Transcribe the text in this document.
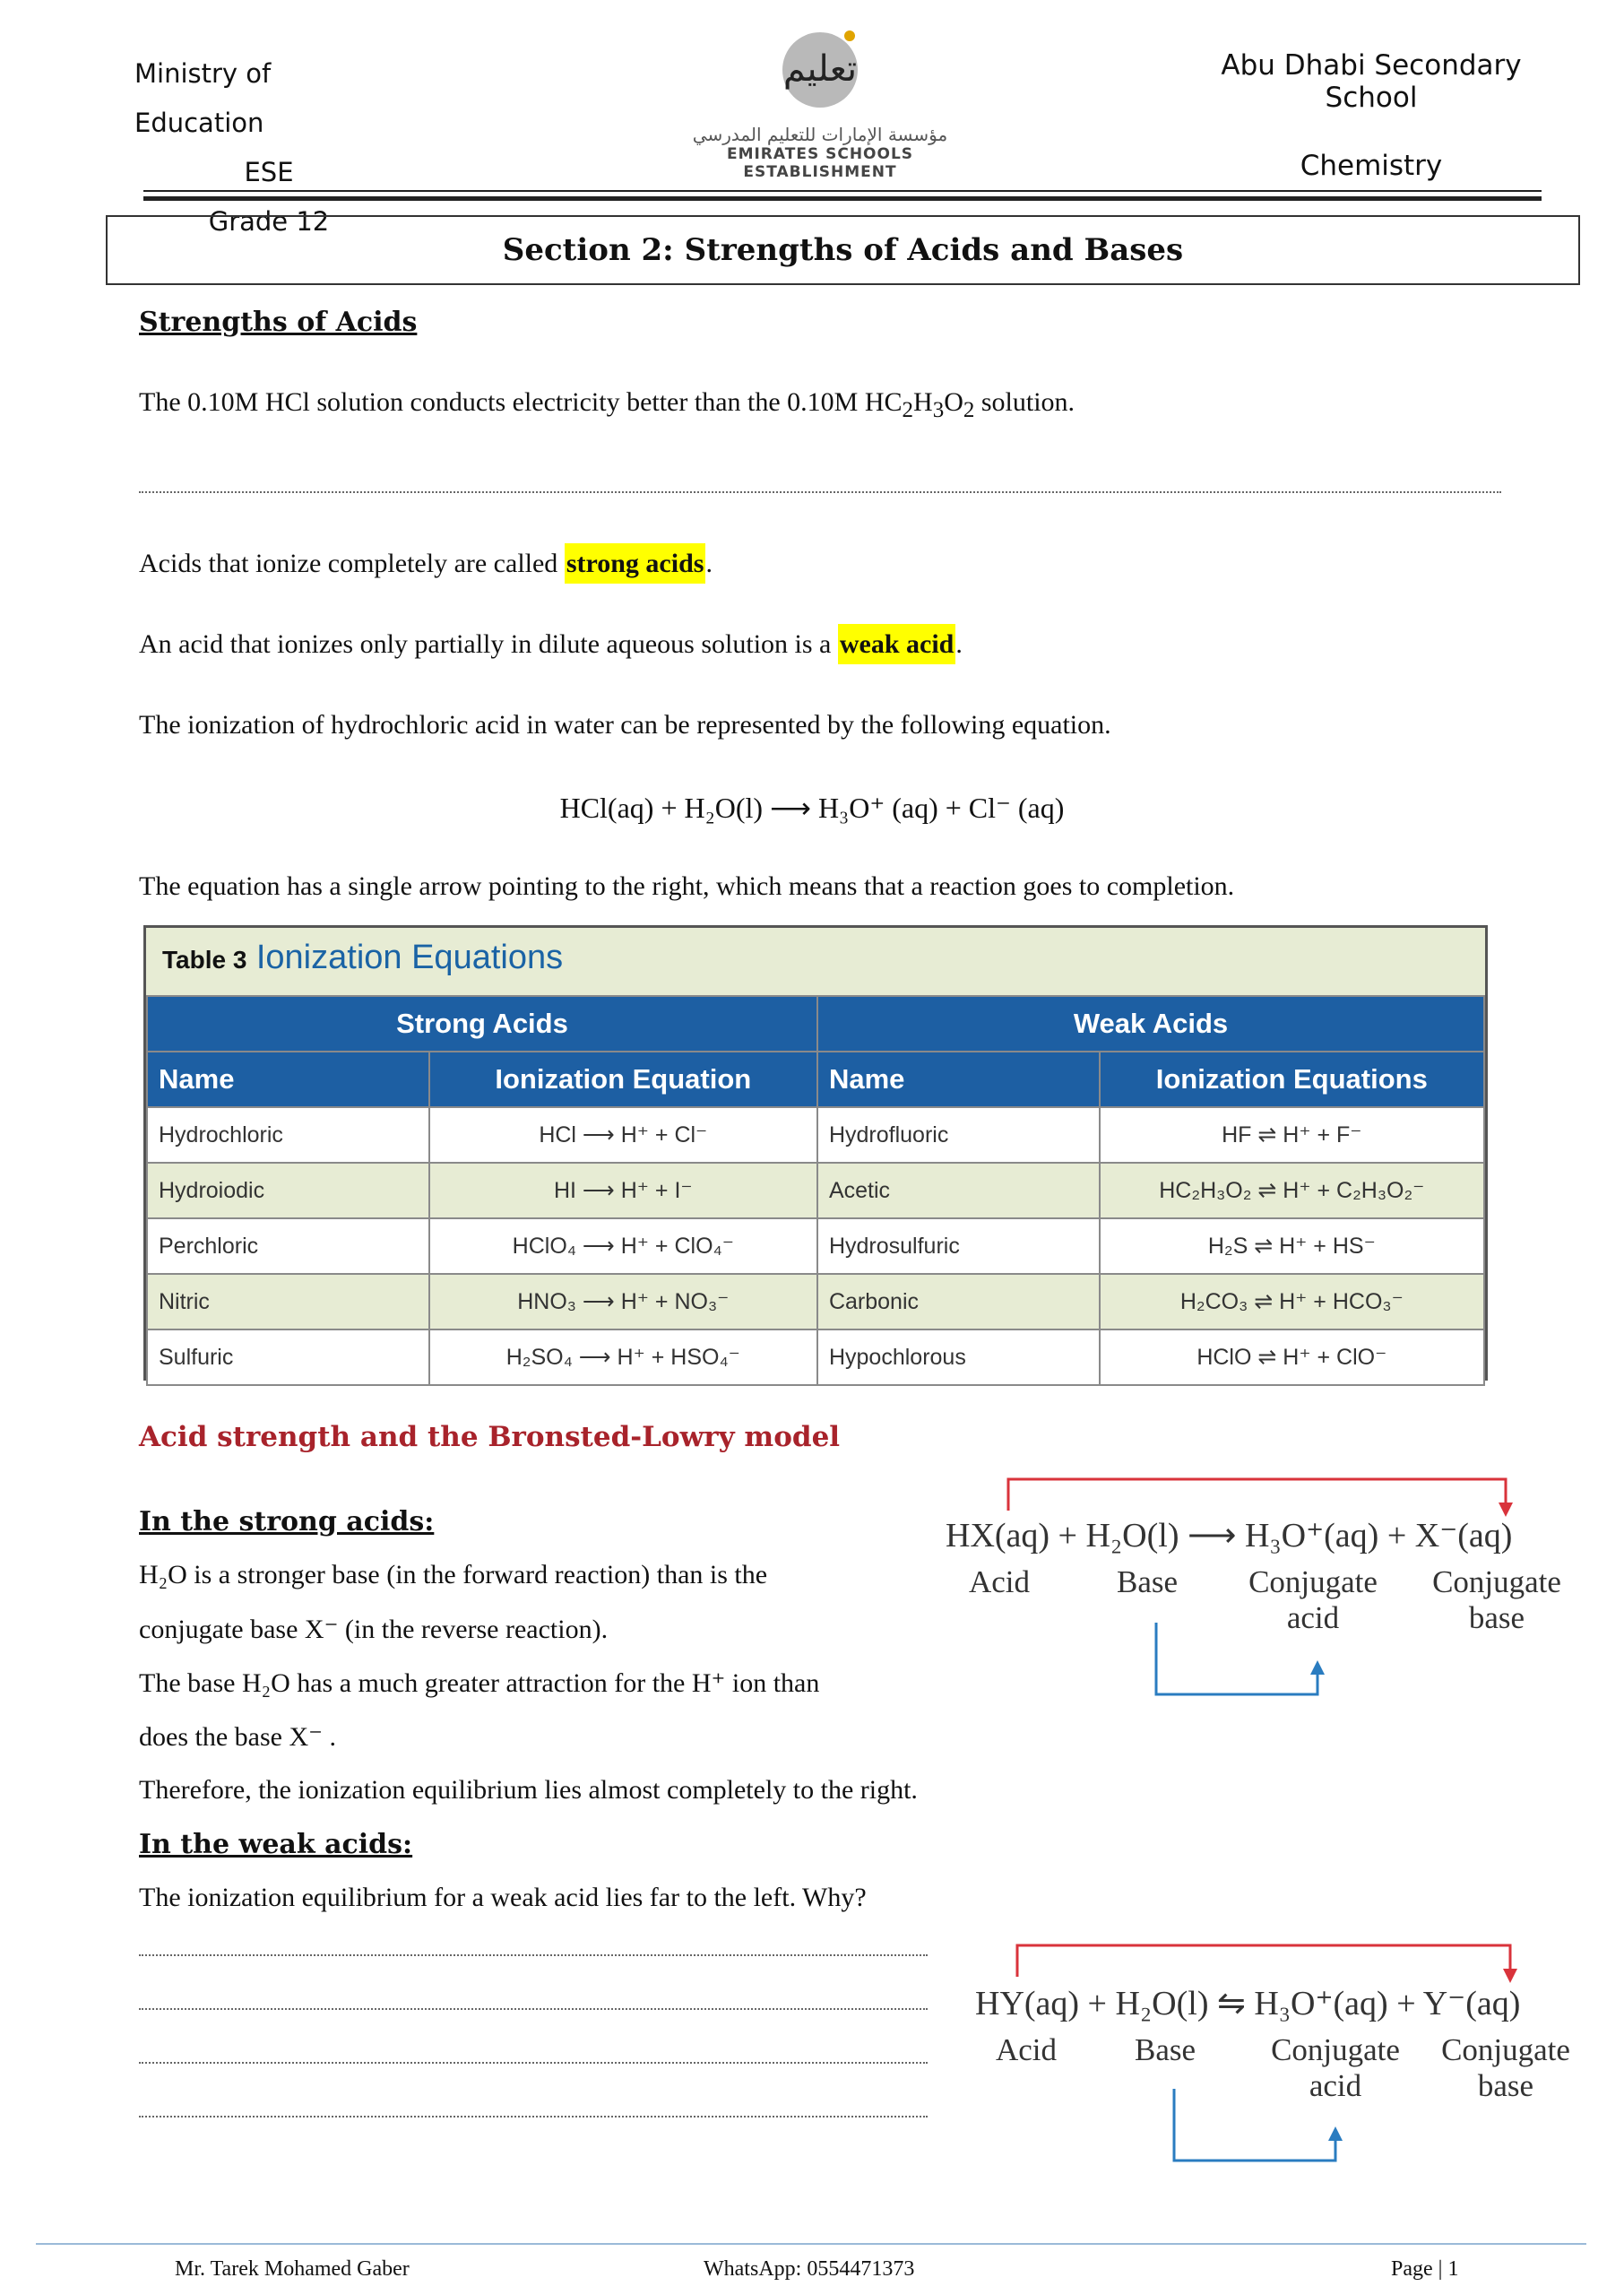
Ministry of Education
ESE
Grade 12
تعليم
مؤسسة الإمارات للتعليم المدرسي
EMIRATES SCHOOLS ESTABLISHMENT
Abu Dhabi Secondary School
Chemistry
Section 2: Strengths of Acids and Bases
Strengths of Acids
The 0.10M HCl solution conducts electricity better than the 0.10M $HC_2H_3O_2$ solution.
Acids that ionize completely are called strong acids.
An acid that ionizes only partially in dilute aqueous solution is a weak acid.
The ionization of hydrochloric acid in water can be represented by the following equation.
HCl(aq) + H₂O(l) ⟶ H₃O⁺ (aq) + Cl⁻ (aq)
The equation has a single arrow pointing to the right, which means that a reaction goes to completion.
Table 3 Ionization Equations
Strong Acids		Weak Acids	
Name	Ionization Equation	Name	Ionization Equations
Hydrochloric	HCl ⟶ H⁺ + Cl⁻	Hydrofluoric	HF ⇌ H⁺ + F⁻
Hydroiodic	HI ⟶ H⁺ + I⁻	Acetic	HC₂H₃O₂ ⇌ H⁺ + C₂H₃O₂⁻
Perchloric	HClO₄ ⟶ H⁺ + ClO₄⁻	Hydrosulfuric	H₂S ⇌ H⁺ + HS⁻
Nitric	HNO₃ ⟶ H⁺ + NO₃⁻	Carbonic	H₂CO₃ ⇌ H⁺ + HCO₃⁻
Sulfuric	H₂SO₄ ⟶ H⁺ + HSO₄⁻	Hypochlorous	HClO ⇌ H⁺ + ClO⁻
Acid strength and the Bronsted-Lowry model
In the strong acids:
H₂O is a stronger base (in the forward reaction) than is the
conjugate base X⁻ (in the reverse reaction).
The base H₂O has a much greater attraction for the H⁺ ion than
does the base X⁻ .
Therefore, the ionization equilibrium lies almost completely to the right.
In the weak acids:
The ionization equilibrium for a weak acid lies far to the left. Why?
HX(aq) + H₂O(l) ⟶ H₃O⁺(aq) + X⁻(aq)
Acid	Base	Conjugate
acid
Conjugate
base
HY(aq) + H₂O(l) ⇋ H₃O⁺(aq) + Y⁻(aq)
Acid	Base	Conjugate
acid
Conjugate
base
Mr. Tarek Mohamed Gaber	WhatsApp: 0554471373	Page | 1
